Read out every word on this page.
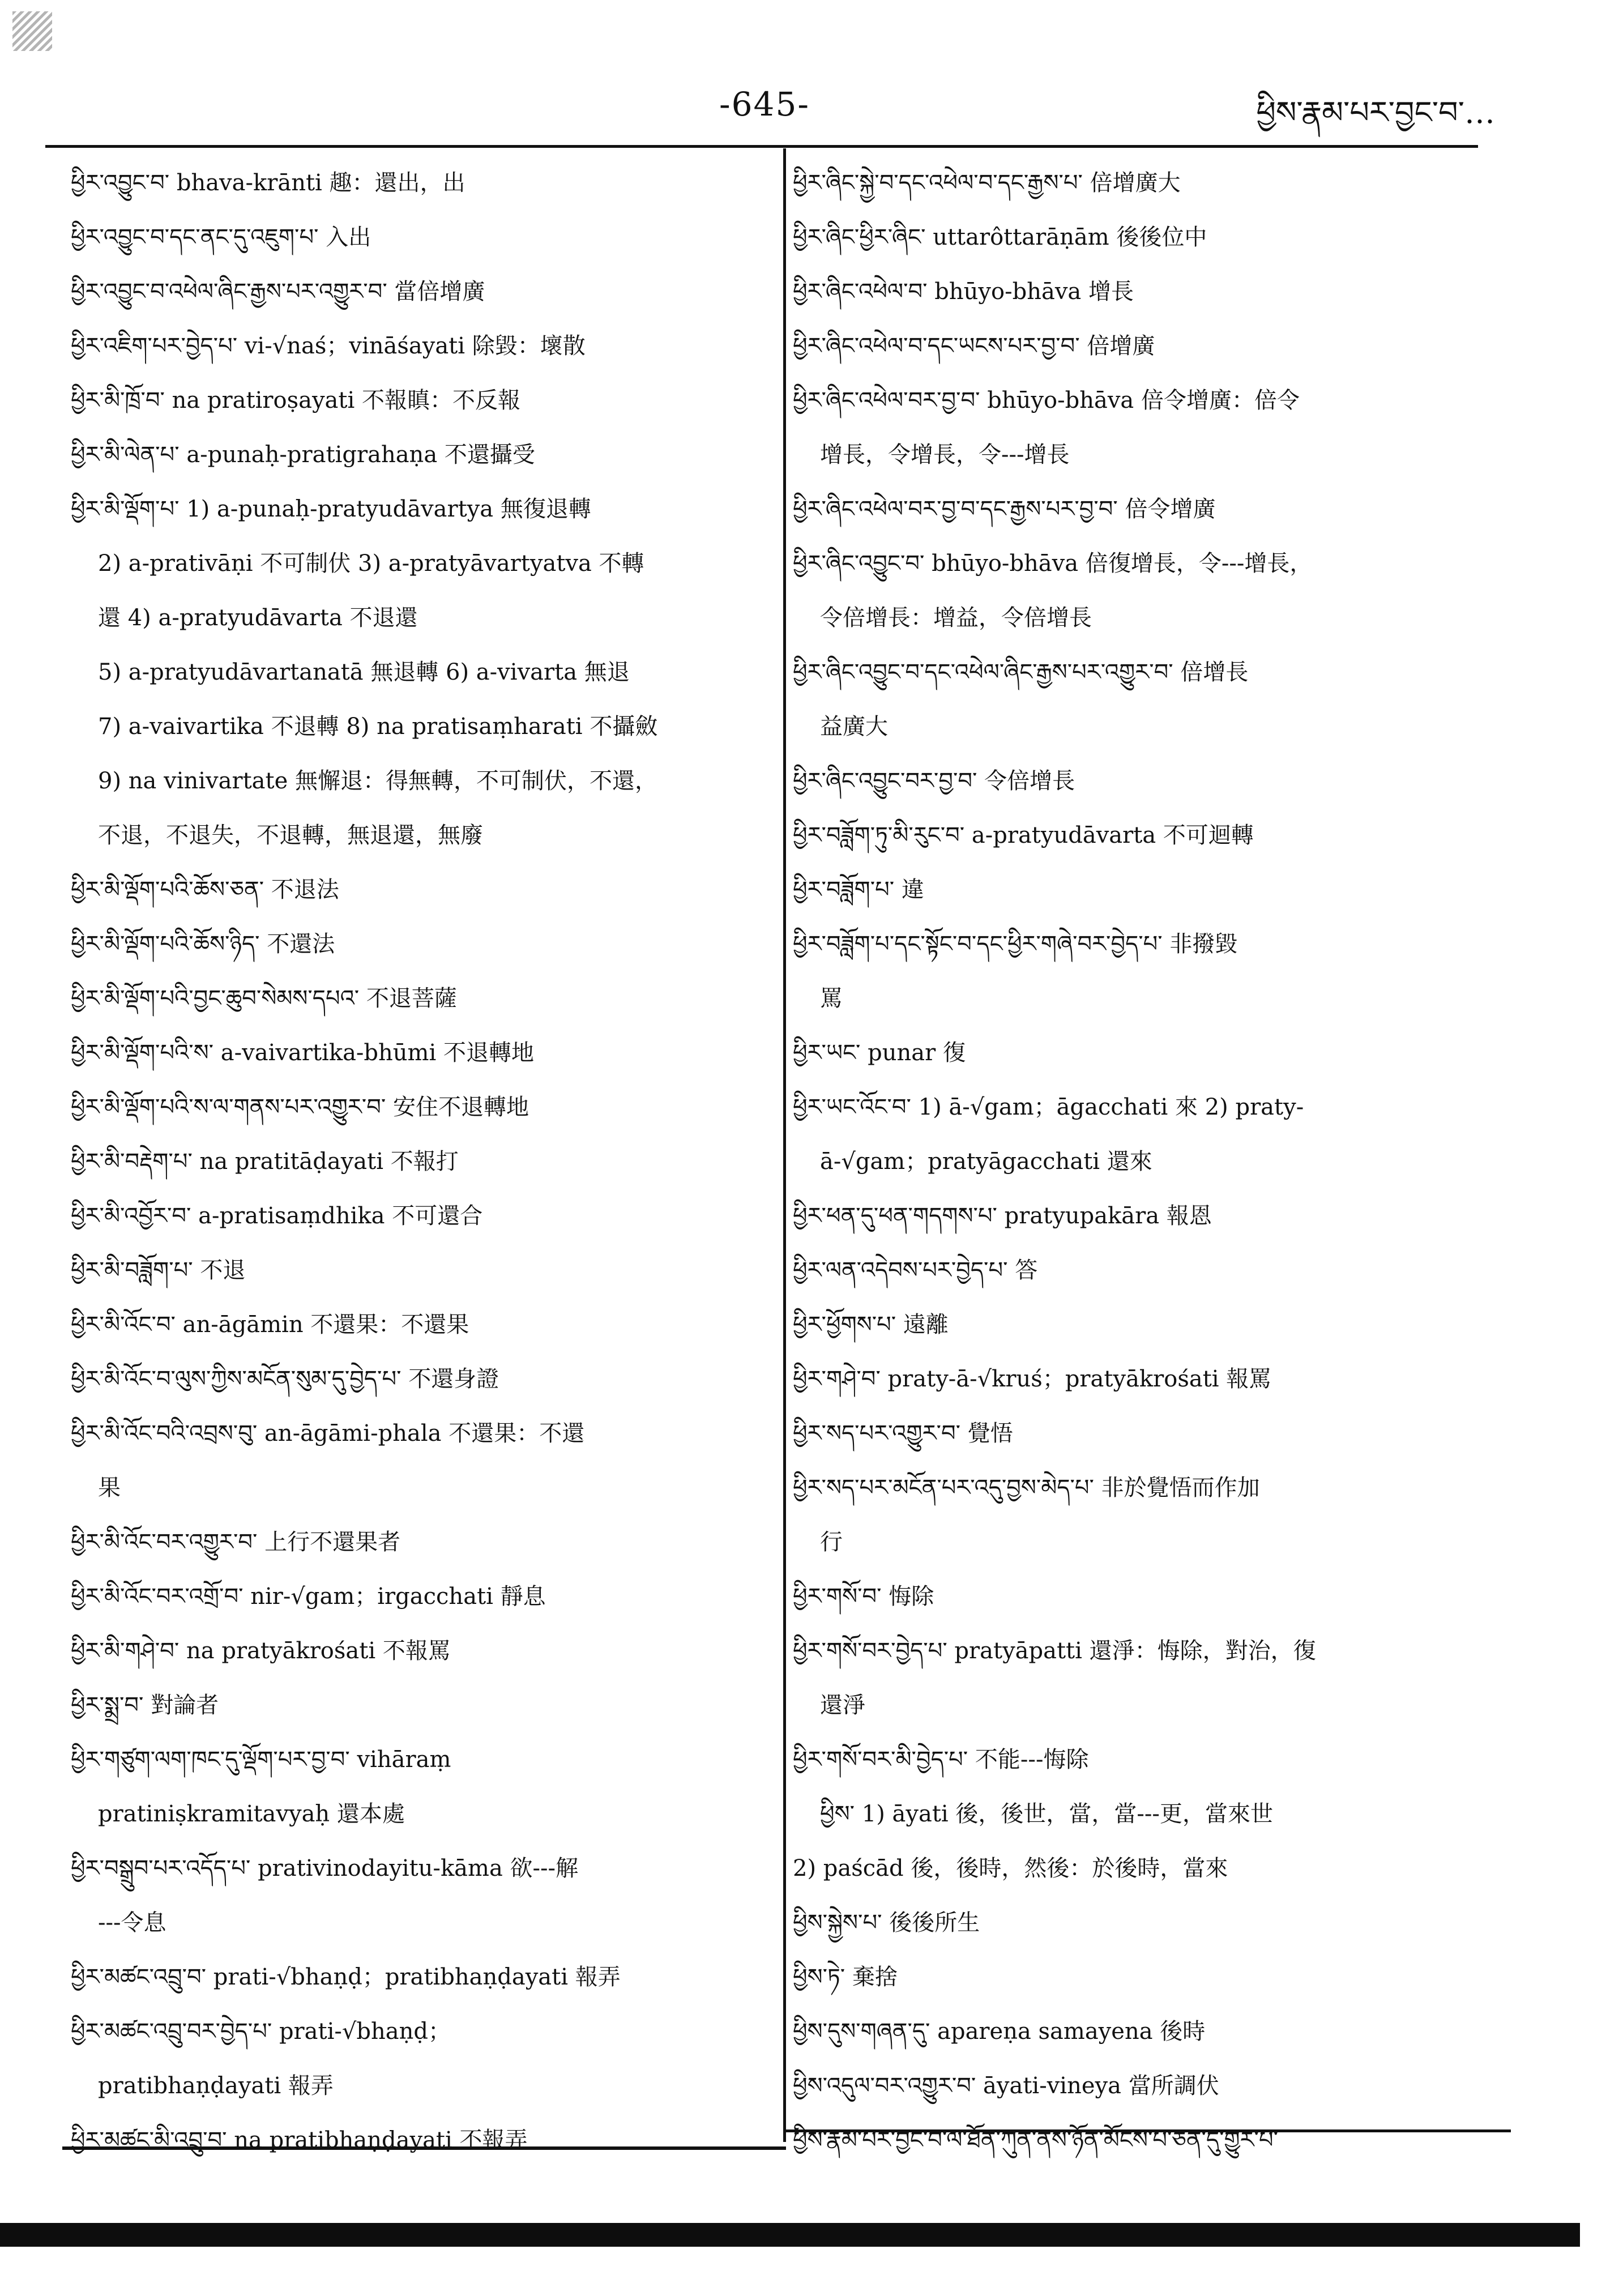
-645-	ཕྱིས་རྣམ་པར་བྱང་བ་…

ཕྱིར་འབྱུང་བ་ bhava-krānti 趣：還出，出

ཕྱིར་འབྱུང་བ་དང་ནང་དུ་འཇུག་པ་ 入出

ཕྱིར་འབྱུང་བ་འཕེལ་ཞིང་རྒྱས་པར་འགྱུར་བ་ 當倍增廣

ཕྱིར་འཇིག་པར་བྱེད་པ་ vi-√naś；vināśayati 除毀：壞散

ཕྱིར་མི་ཁྲོ་བ་ na pratiroṣayati 不報瞋：不反報

ཕྱིར་མི་ལེན་པ་ a-punaḥ-pratigrahaṇa 不還攝受

ཕྱིར་མི་ལྡོག་པ་ 1) a-punaḥ-pratyudāvartya 無復退轉

2) a-prativāṇi 不可制伏 3) a-pratyāvartyatva 不轉

還 4) a-pratyudāvarta 不退還

5) a-pratyudāvartanatā 無退轉 6) a-vivarta 無退

7) a-vaivartika 不退轉 8) na pratisaṃharati 不攝斂

9) na vinivartate 無懈退：得無轉，不可制伏，不還，

不退，不退失，不退轉，無退還，無廢

ཕྱིར་མི་ལྡོག་པའི་ཆོས་ཅན་ 不退法

ཕྱིར་མི་ལྡོག་པའི་ཆོས་ཉིད་ 不還法

ཕྱིར་མི་ལྡོག་པའི་བྱང་ཆུབ་སེམས་དཔའ་ 不退菩薩

ཕྱིར་མི་ལྡོག་པའི་ས་ a-vaivartika-bhūmi 不退轉地

ཕྱིར་མི་ལྡོག་པའི་ས་ལ་གནས་པར་འགྱུར་བ་ 安住不退轉地

ཕྱིར་མི་བརྡེག་པ་ na pratitāḍayati 不報打

ཕྱིར་མི་འབྱོར་བ་ a-pratisaṃdhika 不可還合

ཕྱིར་མི་བཟློག་པ་ 不退

ཕྱིར་མི་འོང་བ་ an-āgāmin 不還果：不還果

ཕྱིར་མི་འོང་བ་ལུས་ཀྱིས་མངོན་སུམ་དུ་བྱེད་པ་ 不還身證

ཕྱིར་མི་འོང་བའི་འབྲས་བུ་ an-āgāmi-phala 不還果：不還

果

ཕྱིར་མི་འོང་བར་འགྱུར་བ་ 上行不還果者

ཕྱིར་མི་འོང་བར་འགྲོ་བ་ nir-√gam；irgacchati 靜息

ཕྱིར་མི་གཤེ་བ་ na pratyākrośati 不報罵

ཕྱིར་སྨྲ་བ་ 對論者

ཕྱིར་གཙུག་ལག་ཁང་དུ་ལྡོག་པར་བྱ་བ་ vihāraṃ

pratiniṣkramitavyaḥ 還本處

ཕྱིར་བསྒྲུབ་པར་འདོད་པ་ prativinodayitu-kāma 欲---解

---令息

ཕྱིར་མཚང་འབྲུ་བ་ prati-√bhaṇḍ；pratibhaṇḍayati 報弄

ཕྱིར་མཚང་འབྲུ་བར་བྱེད་པ་ prati-√bhaṇḍ；

pratibhaṇḍayati 報弄

ཕྱིར་མཚང་མི་འབྲུ་བ་ na pratibhaṇḍayati 不報弄

ཕྱིར་ཞིང་སྐྱེ་བ་དང་འཕེལ་བ་དང་རྒྱས་པ་ 倍增廣大

ཕྱིར་ཞིང་ཕྱིར་ཞིང་ uttarôttarāṇām 後後位中

ཕྱིར་ཞིང་འཕེལ་བ་ bhūyo-bhāva 增長

ཕྱིར་ཞིང་འཕེལ་བ་དང་ཡངས་པར་བྱ་བ་ 倍增廣

ཕྱིར་ཞིང་འཕེལ་བར་བྱ་བ་ bhūyo-bhāva 倍令增廣：倍令

增長，令增長，令---增長

ཕྱིར་ཞིང་འཕེལ་བར་བྱ་བ་དང་རྒྱས་པར་བྱ་བ་ 倍令增廣

ཕྱིར་ཞིང་འབྱུང་བ་ bhūyo-bhāva 倍復增長，令---增長，

令倍增長：增益，令倍增長

ཕྱིར་ཞིང་འབྱུང་བ་དང་འཕེལ་ཞིང་རྒྱས་པར་འགྱུར་བ་ 倍增長

益廣大

ཕྱིར་ཞིང་འབྱུང་བར་བྱ་བ་ 令倍增長

ཕྱིར་བཟློག་ཏུ་མི་རུང་བ་ a-pratyudāvarta 不可迴轉

ཕྱིར་བཟློག་པ་ 違

ཕྱིར་བཟློག་པ་དང་སྟོང་བ་དང་ཕྱིར་གཞེ་བར་བྱེད་པ་ 非撥毀

罵

ཕྱིར་ཡང་ punar 復

ཕྱིར་ཡང་འོང་བ་ 1) ā-√gam；āgacchati 來 2) praty-

ā-√gam；pratyāgacchati 還來

ཕྱིར་ཕན་དུ་ཕན་གདགས་པ་ pratyupakāra 報恩

ཕྱིར་ལན་འདེབས་པར་བྱེད་པ་ 答

ཕྱིར་ཕྱོགས་པ་ 遠離

ཕྱིར་གཤེ་བ་ praty-ā-√kruś；pratyākrośati 報罵

ཕྱིར་སད་པར་འགྱུར་བ་ 覺悟

ཕྱིར་སད་པར་མངོན་པར་འདུ་བྱས་མེད་པ་ 非於覺悟而作加

行

ཕྱིར་གསོ་བ་ 悔除

ཕྱིར་གསོ་བར་བྱེད་པ་ pratyāpatti 還淨：悔除，對治，復

還淨

ཕྱིར་གསོ་བར་མི་བྱེད་པ་ 不能---悔除

ཕྱིས་ 1) āyati 後，後世，當，當---更，當來世

2) paścād 後，後時，然後：於後時，當來

ཕྱིས་སྐྱེས་པ་ 後後所生

ཕྱིས་ཏེ་ 棄捨

ཕྱིས་དུས་གཞན་དུ་ apareṇa samayena 後時

ཕྱིས་འདུལ་བར་འགྱུར་བ་ āyati-vineya 當所調伏

ཕྱིས་རྣམ་པར་བྱང་བ་ལ་ཐོན་ཀུན་ནས་ཉོན་མོངས་པ་ཅན་དུ་གྱུར་པ་
